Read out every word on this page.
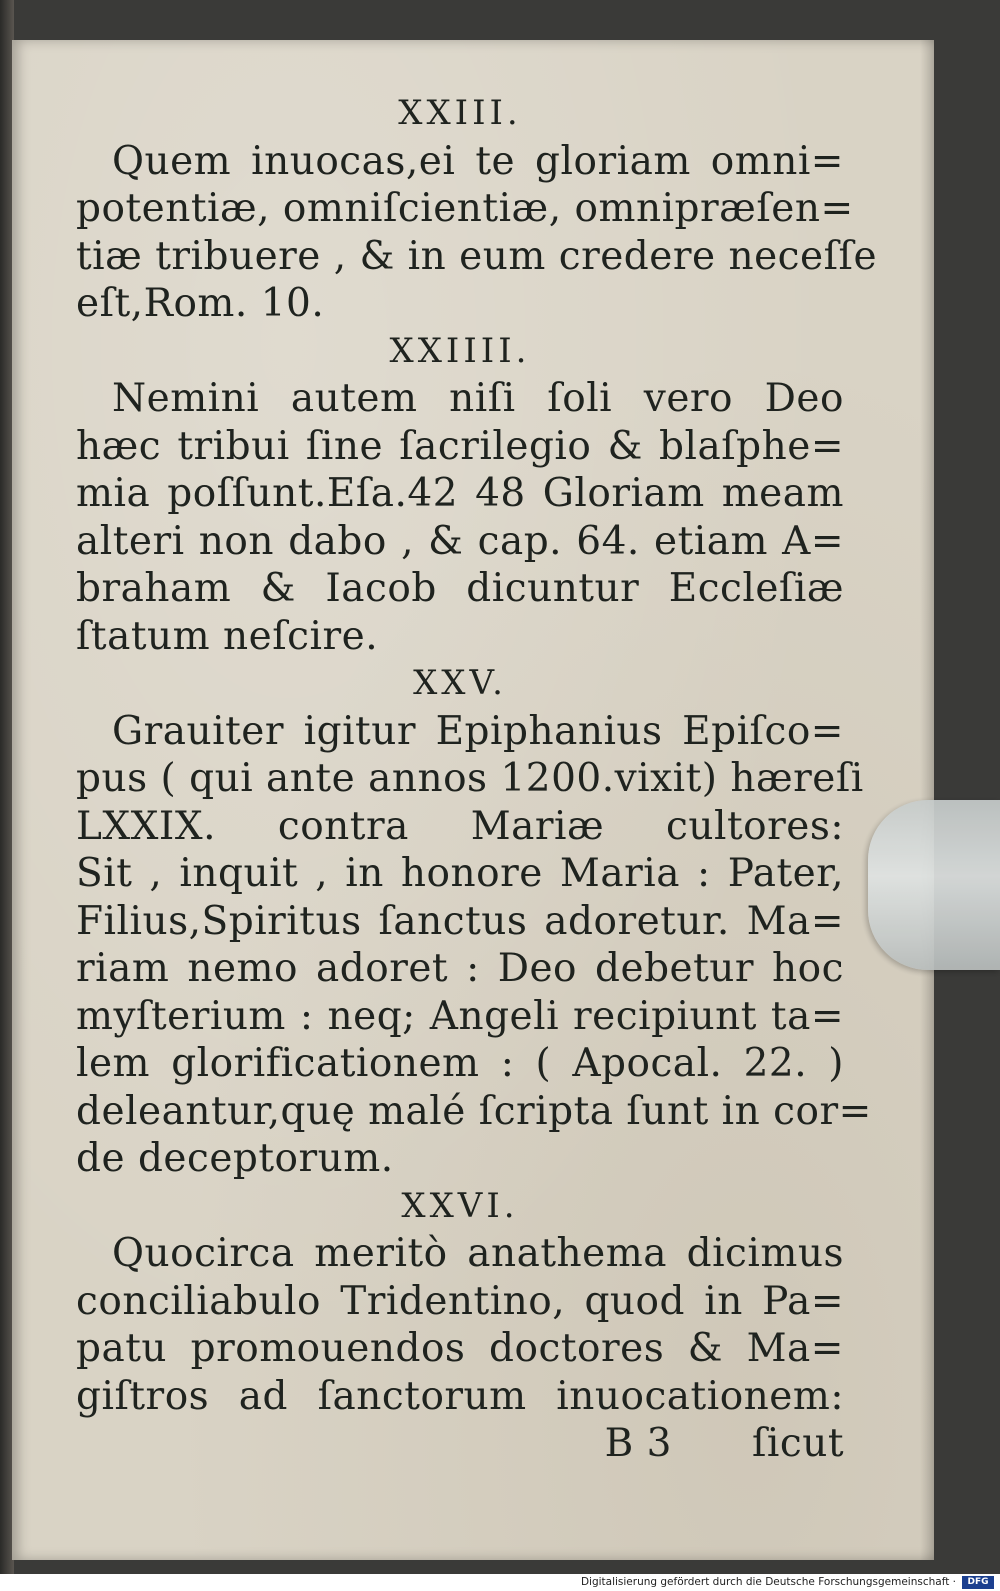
XXIII.
Quem inuocas,ei te gloriam omni=
potentiæ, omniſcientiæ, omnipræſen=
tiæ tribuere , & in eum credere neceſſe
eſt,Rom. 10.
XXIIII.
Nemini autem niſi ſoli vero Deo
hæc tribui ſine ſacrilegio & blaſphe=
mia poſſunt.Eſa.42 48 Gloriam meam
alteri non dabo , & cap. 64. etiam A=
braham & Iacob dicuntur Eccleſiæ
ſtatum neſcire.
XXV.
Grauiter igitur Epiphanius Epiſco=
pus ( qui ante annos 1200.vixit) hæreſi
LXXIX. contra Mariæ cultores:
Sit , inquit , in honore Maria : Pater,
Filius,Spiritus ſanctus adoretur. Ma=
riam nemo adoret : Deo debetur hoc
myſterium : neq; Angeli recipiunt ta=
lem glorificationem : ( Apocal. 22. )
deleantur,quę malé ſcripta ſunt in cor=
de deceptorum.
XXVI.
Quocirca meritò anathema dicimus
conciliabulo Tridentino, quod in Pa=
patu promouendos doctores & Ma=
giſtros ad ſanctorum inuocationem:
B 3 ſicut
Digitalisierung gefördert durch die Deutsche Forschungsgemeinschaft ·	DFG
